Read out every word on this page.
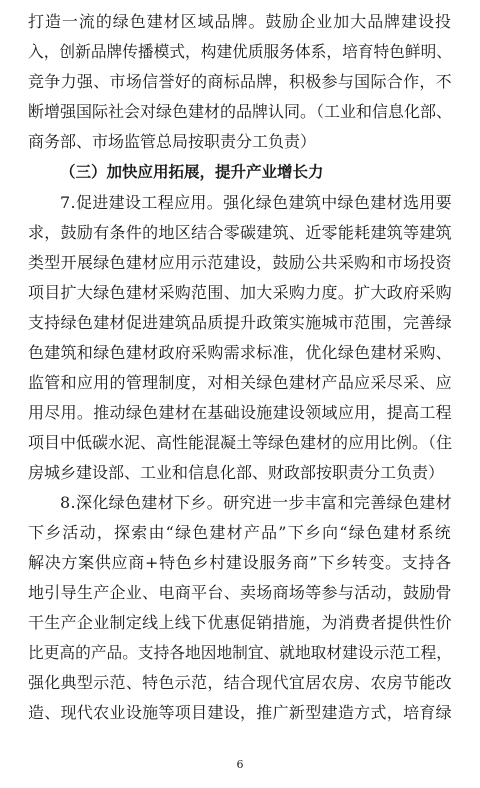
打造一流的绿色建材区域品牌。鼓励企业加大品牌建设投
入，创新品牌传播模式，构建优质服务体系，培育特色鲜明、
竞争力强、市场信誉好的商标品牌，积极参与国际合作，不
断增强国际社会对绿色建材的品牌认同。（工业和信息化部、
商务部、市场监管总局按职责分工负责）
（三）加快应用拓展，提升产业增长力
7.促进建设工程应用。强化绿色建筑中绿色建材选用要
求，鼓励有条件的地区结合零碳建筑、近零能耗建筑等建筑
类型开展绿色建材应用示范建设，鼓励公共采购和市场投资
项目扩大绿色建材采购范围、加大采购力度。扩大政府采购
支持绿色建材促进建筑品质提升政策实施城市范围，完善绿
色建筑和绿色建材政府采购需求标准，优化绿色建材采购、
监管和应用的管理制度，对相关绿色建材产品应采尽采、应
用尽用。推动绿色建材在基础设施建设领域应用，提高工程
项目中低碳水泥、高性能混凝土等绿色建材的应用比例。（住
房城乡建设部、工业和信息化部、财政部按职责分工负责）
8.深化绿色建材下乡。研究进一步丰富和完善绿色建材
下乡活动，探索由“绿色建材产品”下乡向“绿色建材系统
解决方案供应商+特色乡村建设服务商”下乡转变。支持各
地引导生产企业、电商平台、卖场商场等参与活动，鼓励骨
干生产企业制定线上线下优惠促销措施，为消费者提供性价
比更高的产品。支持各地因地制宜、就地取材建设示范工程，
强化典型示范、特色示范，结合现代宜居农房、农房节能改
造、现代农业设施等项目建设，推广新型建造方式，培育绿
6
